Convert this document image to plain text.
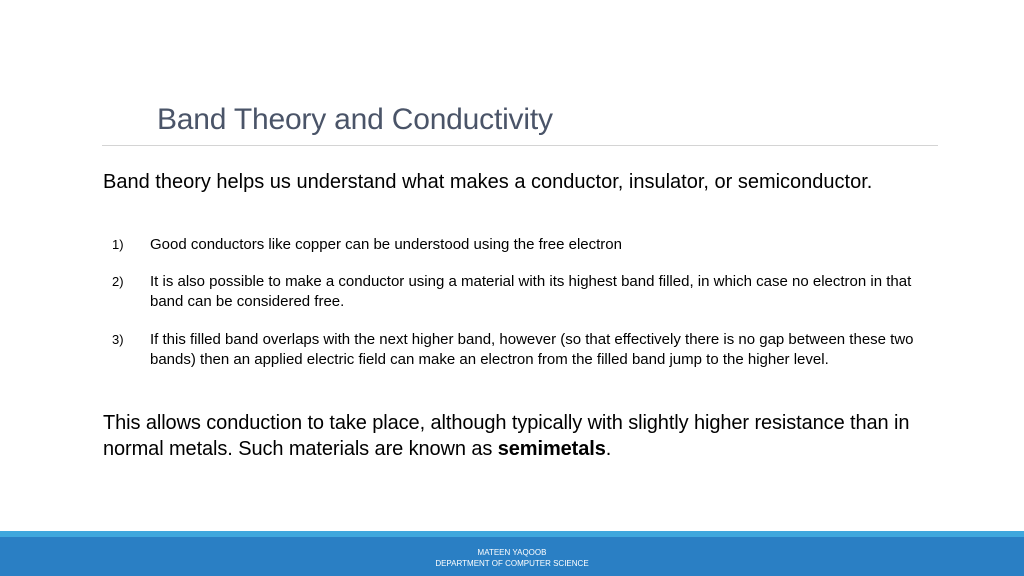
Band Theory and Conductivity

Band theory helps us understand what makes a conductor, insulator, or semiconductor.

1) Good conductors like copper can be understood using the free electron
2) It is also possible to make a conductor using a material with its highest band filled, in which case no electron in that band can be considered free.
3) If this filled band overlaps with the next higher band, however (so that effectively there is no gap between these two bands) then an applied electric field can make an electron from the filled band jump to the higher level.

This allows conduction to take place, although typically with slightly higher resistance than in normal metals. Such materials are known as semimetals.

MATEEN YAQOOB
DEPARTMENT OF COMPUTER SCIENCE
